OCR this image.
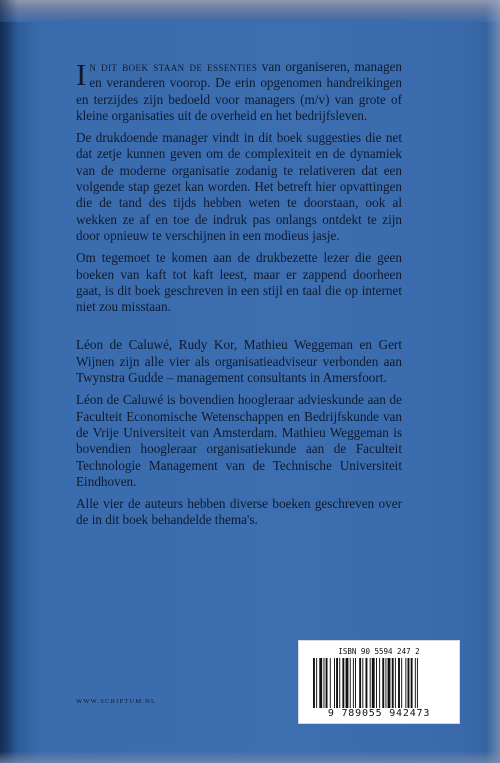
In dit boek staan de essenties van organiseren, managen en veranderen voorop. De erin opgenomen handreikingen en terzijdes zijn bedoeld voor managers (m/v) van grote of kleine organisaties uit de overheid en het bedrijfsleven.

De drukdoende manager vindt in dit boek suggesties die net dat zetje kunnen geven om de complexiteit en de dynamiek van de moderne organisatie zodanig te relativeren dat een volgende stap gezet kan worden. Het betreft hier opvattingen die de tand des tijds hebben weten te doorstaan, ook al wekken ze af en toe de indruk pas onlangs ontdekt te zijn door opnieuw te verschijnen in een modieus jasje.

Om tegemoet te komen aan de drukbezette lezer die geen boeken van kaft tot kaft leest, maar er zappend doorheen gaat, is dit boek geschreven in een stijl en taal die op internet niet zou misstaan.

Léon de Caluwé, Rudy Kor, Mathieu Weggeman en Gert Wijnen zijn alle vier als organisatieadviseur verbonden aan Twynstra Gudde – management consultants in Amersfoort.

Léon de Caluwé is bovendien hoogleraar advieskunde aan de Faculteit Economische Wetenschappen en Bedrijfskunde van de Vrije Universiteit van Amsterdam. Mathieu Weggeman is bovendien hoogleraar organisatiekunde aan de Faculteit Technologie Management van de Technische Universiteit Eindhoven.

Alle vier de auteurs hebben diverse boeken geschreven over de in dit boek behandelde thema's.

ISBN 90 5594 247 2
9 789055 942473
WWW.SCRIPTUM.NL
